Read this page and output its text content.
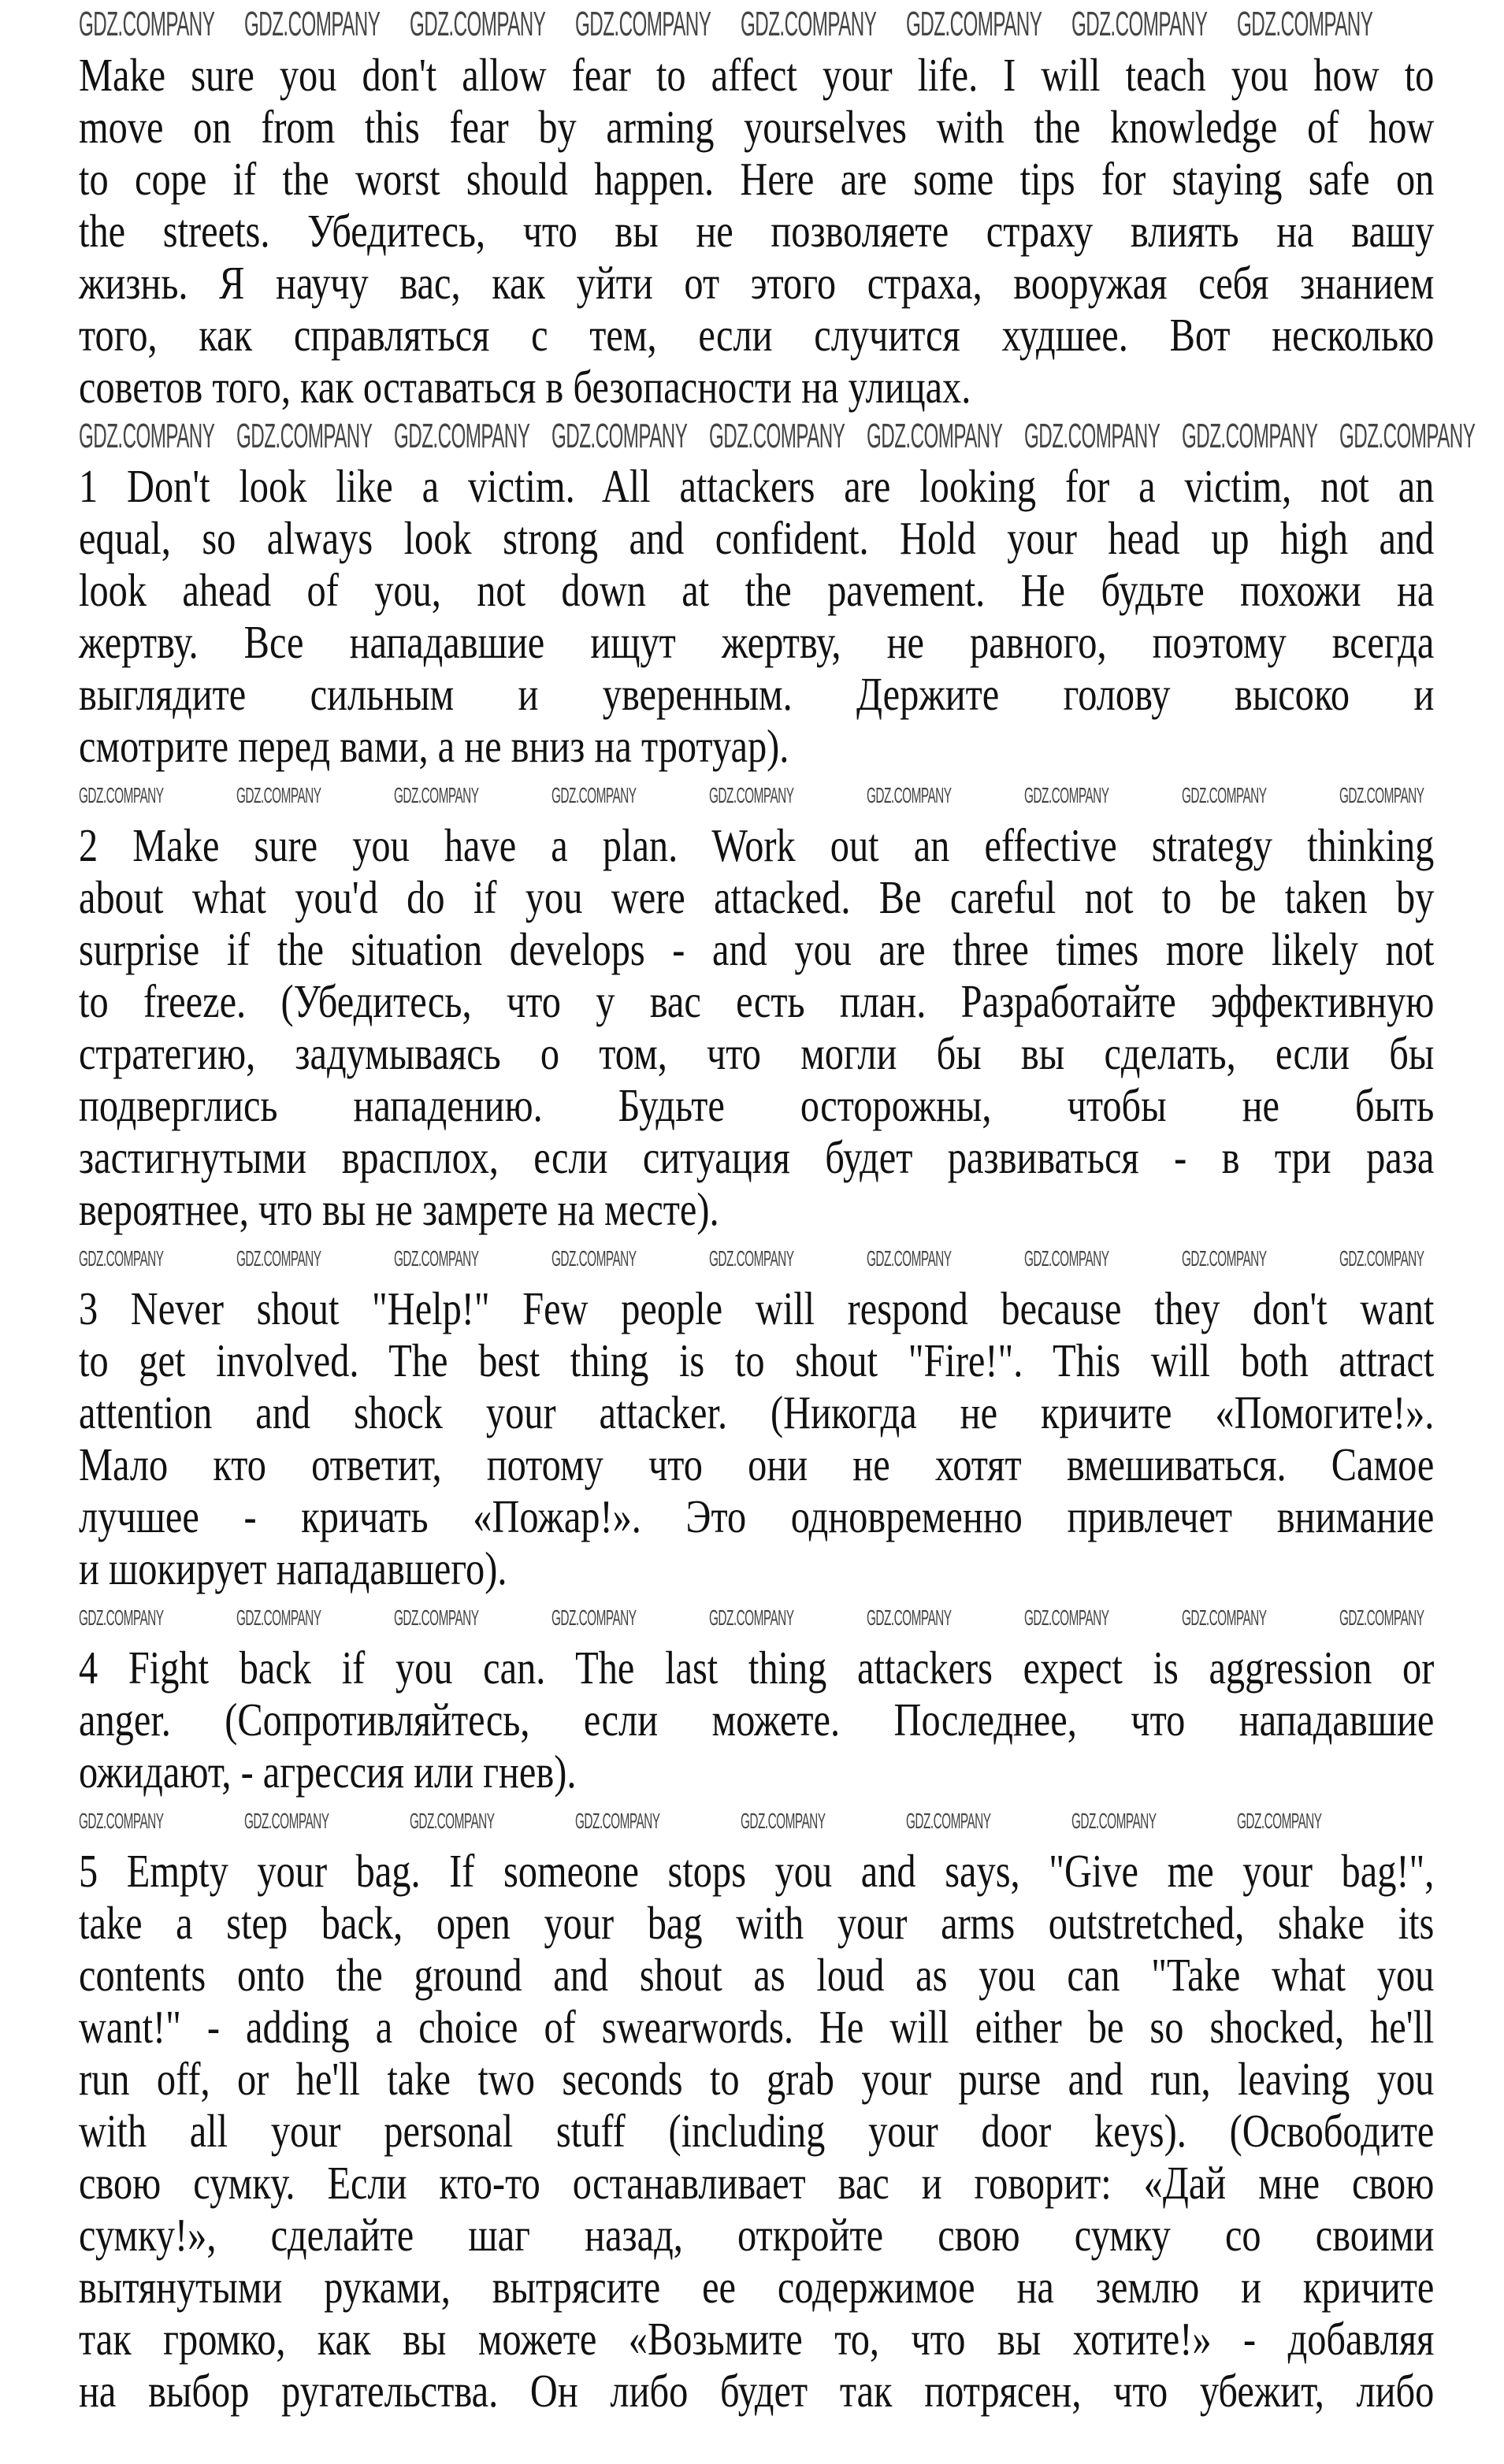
Make sure you don't allow fear to affect your life. I will teach you how to
move on from this fear by arming yourselves with the knowledge of how
to cope if the worst should happen. Here are some tips for staying safe on
the streets. Убедитесь, что вы не позволяете страху влиять на вашу
жизнь. Я научу вас, как уйти от этого страха, вооружая себя знанием
того, как справляться с тем, если случится худшее. Вот несколько
советов того, как оставаться в безопасности на улицах.
1 Don't look like a victim. All attackers are looking for a victim, not an
equal, so always look strong and confident. Hold your head up high and
look ahead of you, not down at the pavement. Не будьте похожи на
жертву. Все нападавшие ищут жертву, не равного, поэтому всегда
выглядите сильным и уверенным. Держите голову высоко и
смотрите перед вами, а не вниз на тротуар).
2 Make sure you have a plan. Work out an effective strategy thinking
about what you'd do if you were attacked. Be careful not to be taken by
surprise if the situation develops - and you are three times more likely not
to freeze. (Убедитесь, что у вас есть план. Разработайте эффективную
стратегию, задумываясь о том, что могли бы вы сделать, если бы
подверглись нападению. Будьте осторожны, чтобы не быть
застигнутыми врасплох, если ситуация будет развиваться - в три раза
вероятнее, что вы не замрете на месте).
3 Never shout "Help!" Few people will respond because they don't want
to get involved. The best thing is to shout "Fire!". This will both attract
attention and shock your attacker. (Никогда не кричите «Помогите!».
Мало кто ответит, потому что они не хотят вмешиваться. Самое
лучшее - кричать «Пожар!». Это одновременно привлечет внимание
и шокирует нападавшего).
4 Fight back if you can. The last thing attackers expect is aggression or
anger. (Сопротивляйтесь, если можете. Последнее, что нападавшие
ожидают, - агрессия или гнев).
5 Empty your bag. If someone stops you and says, "Give me your bag!",
take a step back, open your bag with your arms outstretched, shake its
contents onto the ground and shout as loud as you can "Take what you
want!" - adding a choice of swearwords. He will either be so shocked, he'll
run off, or he'll take two seconds to grab your purse and run, leaving you
with all your personal stuff (including your door keys). (Освободите
свою сумку. Если кто-то останавливает вас и говорит: «Дай мне свою
сумку!», сделайте шаг назад, откройте свою сумку со своими
вытянутыми руками, вытрясите ее содержимое на землю и кричите
так громко, как вы можете «Возьмите то, что вы хотите!» - добавляя
на выбор ругательства. Он либо будет так потрясен, что убежит, либо
GDZ.COMPANY GDZ.COMPANY GDZ.COMPANY GDZ.COMPANY GDZ.COMPANY GDZ.COMPANY GDZ.COMPANY GDZ.COMPANY
GDZ.COMPANY GDZ.COMPANY GDZ.COMPANY GDZ.COMPANY GDZ.COMPANY GDZ.COMPANY GDZ.COMPANY GDZ.COMPANY GDZ.COMPANY
GDZ.COMPANY	GDZ.COMPANY	GDZ.COMPANY	GDZ.COMPANY	GDZ.COMPANY	GDZ.COMPANY	GDZ.COMPANY	GDZ.COMPANY	GDZ.COMPANY
GDZ.COMPANY	GDZ.COMPANY	GDZ.COMPANY	GDZ.COMPANY	GDZ.COMPANY	GDZ.COMPANY	GDZ.COMPANY	GDZ.COMPANY	GDZ.COMPANY
GDZ.COMPANY	GDZ.COMPANY	GDZ.COMPANY	GDZ.COMPANY	GDZ.COMPANY	GDZ.COMPANY	GDZ.COMPANY	GDZ.COMPANY	GDZ.COMPANY
GDZ.COMPANY	GDZ.COMPANY	GDZ.COMPANY	GDZ.COMPANY	GDZ.COMPANY	GDZ.COMPANY	GDZ.COMPANY	GDZ.COMPANY
